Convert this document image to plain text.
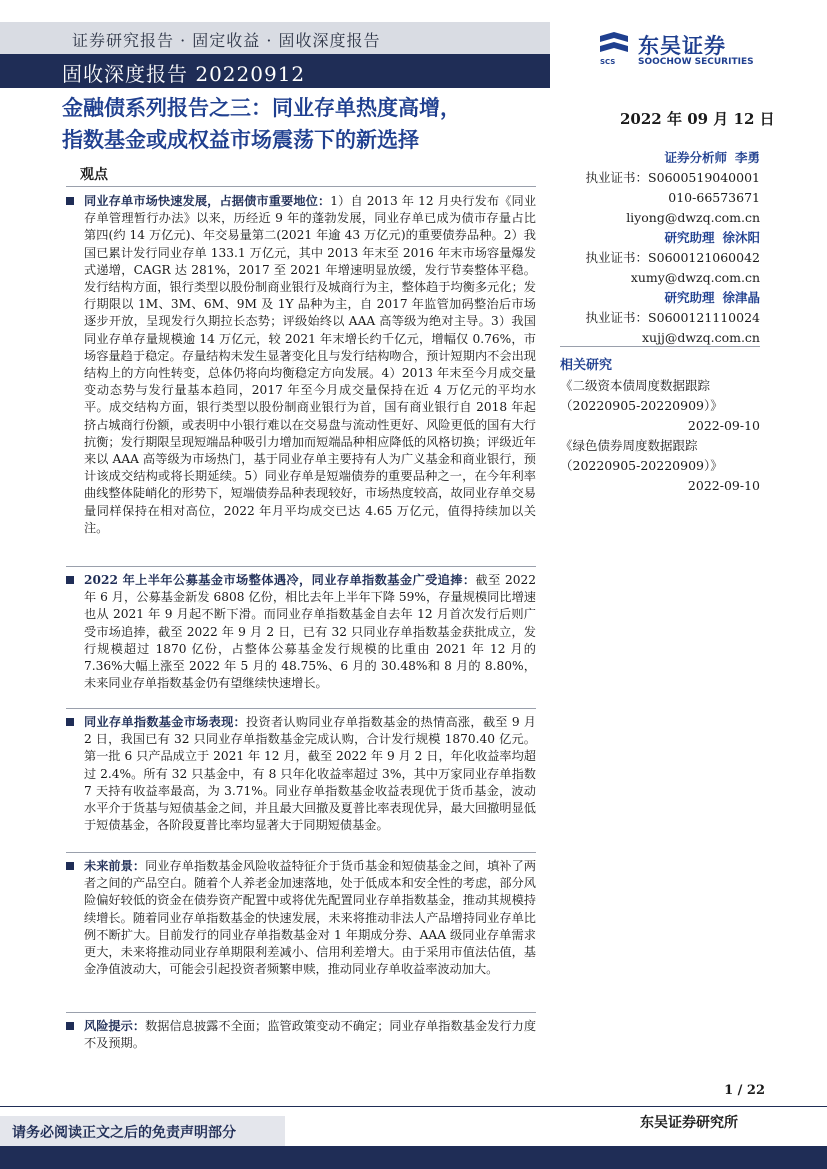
证券研究报告 · 固定收益 · 固收深度报告
固收深度报告 20220912	SCS
东吴证券
SOOCHOW SECURITIES
金融债系列报告之三：同业存单热度高增，
指数基金或成权益市场震荡下的新选择
2022 年 09 月 12 日
观点
同业存单市场快速发展，占据债市重要地位：1）自 2013 年 12 月央行发布《同业存单管理暂行办法》以来，历经近 9 年的蓬勃发展，同业存单已成为债市存量占比第四(约 14 万亿元)、年交易量第二(2021 年逾 43 万亿元)的重要债券品种。2）我国已累计发行同业存单 133.1 万亿元，其中 2013 年末至 2016 年末市场容量爆发式递增，CAGR 达 281%，2017 至 2021 年增速明显放缓，发行节奏整体平稳。发行结构方面，银行类型以股份制商业银行及城商行为主，整体趋于均衡多元化；发行期限以 1M、3M、6M、9M 及 1Y 品种为主，自 2017 年监管加码整治后市场逐步开放，呈现发行久期拉长态势；评级始终以 AAA 高等级为绝对主导。3）我国同业存单存量规模逾 14 万亿元，较 2021 年末增长约千亿元，增幅仅 0.76%，市场容量趋于稳定。存量结构未发生显著变化且与发行结构吻合，预计短期内不会出现结构上的方向性转变，总体仍将向均衡稳定方向发展。4）2013 年末至今月成交量变动态势与发行量基本趋同，2017 年至今月成交量保持在近 4 万亿元的平均水平。成交结构方面，银行类型以股份制商业银行为首，国有商业银行自 2018 年起挤占城商行份额，或表明中小银行难以在交易盘与流动性更好、风险更低的国有大行抗衡；发行期限呈现短端品种吸引力增加而短端品种相应降低的风格切换；评级近年来以 AAA 高等级为市场热门，基于同业存单主要持有人为广义基金和商业银行，预计该成交结构或将长期延续。5）同业存单是短端债券的重要品种之一，在今年利率曲线整体陡峭化的形势下，短端债券品种表现较好，市场热度较高，故同业存单交易量同样保持在相对高位，2022 年月平均成交已达 4.65 万亿元，值得持续加以关注。
2022 年上半年公募基金市场整体遇冷，同业存单指数基金广受追捧：截至 2022 年 6 月，公募基金新发 6808 亿份，相比去年上半年下降 59%，存量规模同比增速也从 2021 年 9 月起不断下滑。而同业存单指数基金自去年 12 月首次发行后则广受市场追捧，截至 2022 年 9 月 2 日，已有 32 只同业存单指数基金获批成立，发行规模超过 1870 亿份，占整体公募基金发行规模的比重由 2021 年 12 月的 7.36%大幅上涨至 2022 年 5 月的 48.75%、6 月的 30.48%和 8 月的 8.80%，未来同业存单指数基金仍有望继续快速增长。
同业存单指数基金市场表现：投资者认购同业存单指数基金的热情高涨，截至 9 月 2 日，我国已有 32 只同业存单指数基金完成认购，合计发行规模 1870.40 亿元。第一批 6 只产品成立于 2021 年 12 月，截至 2022 年 9 月 2 日，年化收益率均超过 2.4%。所有 32 只基金中，有 8 只年化收益率超过 3%，其中万家同业存单指数 7 天持有收益率最高，为 3.71%。同业存单指数基金收益表现优于货币基金，波动水平介于货基与短债基金之间，并且最大回撤及夏普比率表现优异，最大回撤明显低于短债基金，各阶段夏普比率均显著大于同期短债基金。
未来前景：同业存单指数基金风险收益特征介于货币基金和短债基金之间，填补了两者之间的产品空白。随着个人养老金加速落地，处于低成本和安全性的考虑，部分风险偏好较低的资金在债券资产配置中或将优先配置同业存单指数基金，推动其规模持续增长。随着同业存单指数基金的快速发展，未来将推动非法人产品增持同业存单比例不断扩大。目前发行的同业存单指数基金对 1 年期成分券、AAA 级同业存单需求更大，未来将推动同业存单期限利差减小、信用利差增大。由于采用市值法估值，基金净值波动大，可能会引起投资者频繁申赎，推动同业存单收益率波动加大。
风险提示：数据信息披露不全面；监管政策变动不确定；同业存单指数基金发行力度不及预期。
证券分析师 李勇
执业证书：S0600519040001
010-66573671
liyong@dwzq.com.cn
研究助理 徐沐阳
执业证书：S0600121060042
xumy@dwzq.com.cn
研究助理 徐津晶
执业证书：S0600121110024
xujj@dwzq.com.cn
相关研究
《二级资本债周度数据跟踪
（20220905-20220909）》
2022-09-10
《绿色债券周度数据跟踪
（20220905-20220909）》
2022-09-10
1 / 22
请务必阅读正文之后的免责声明部分
东吴证券研究所
